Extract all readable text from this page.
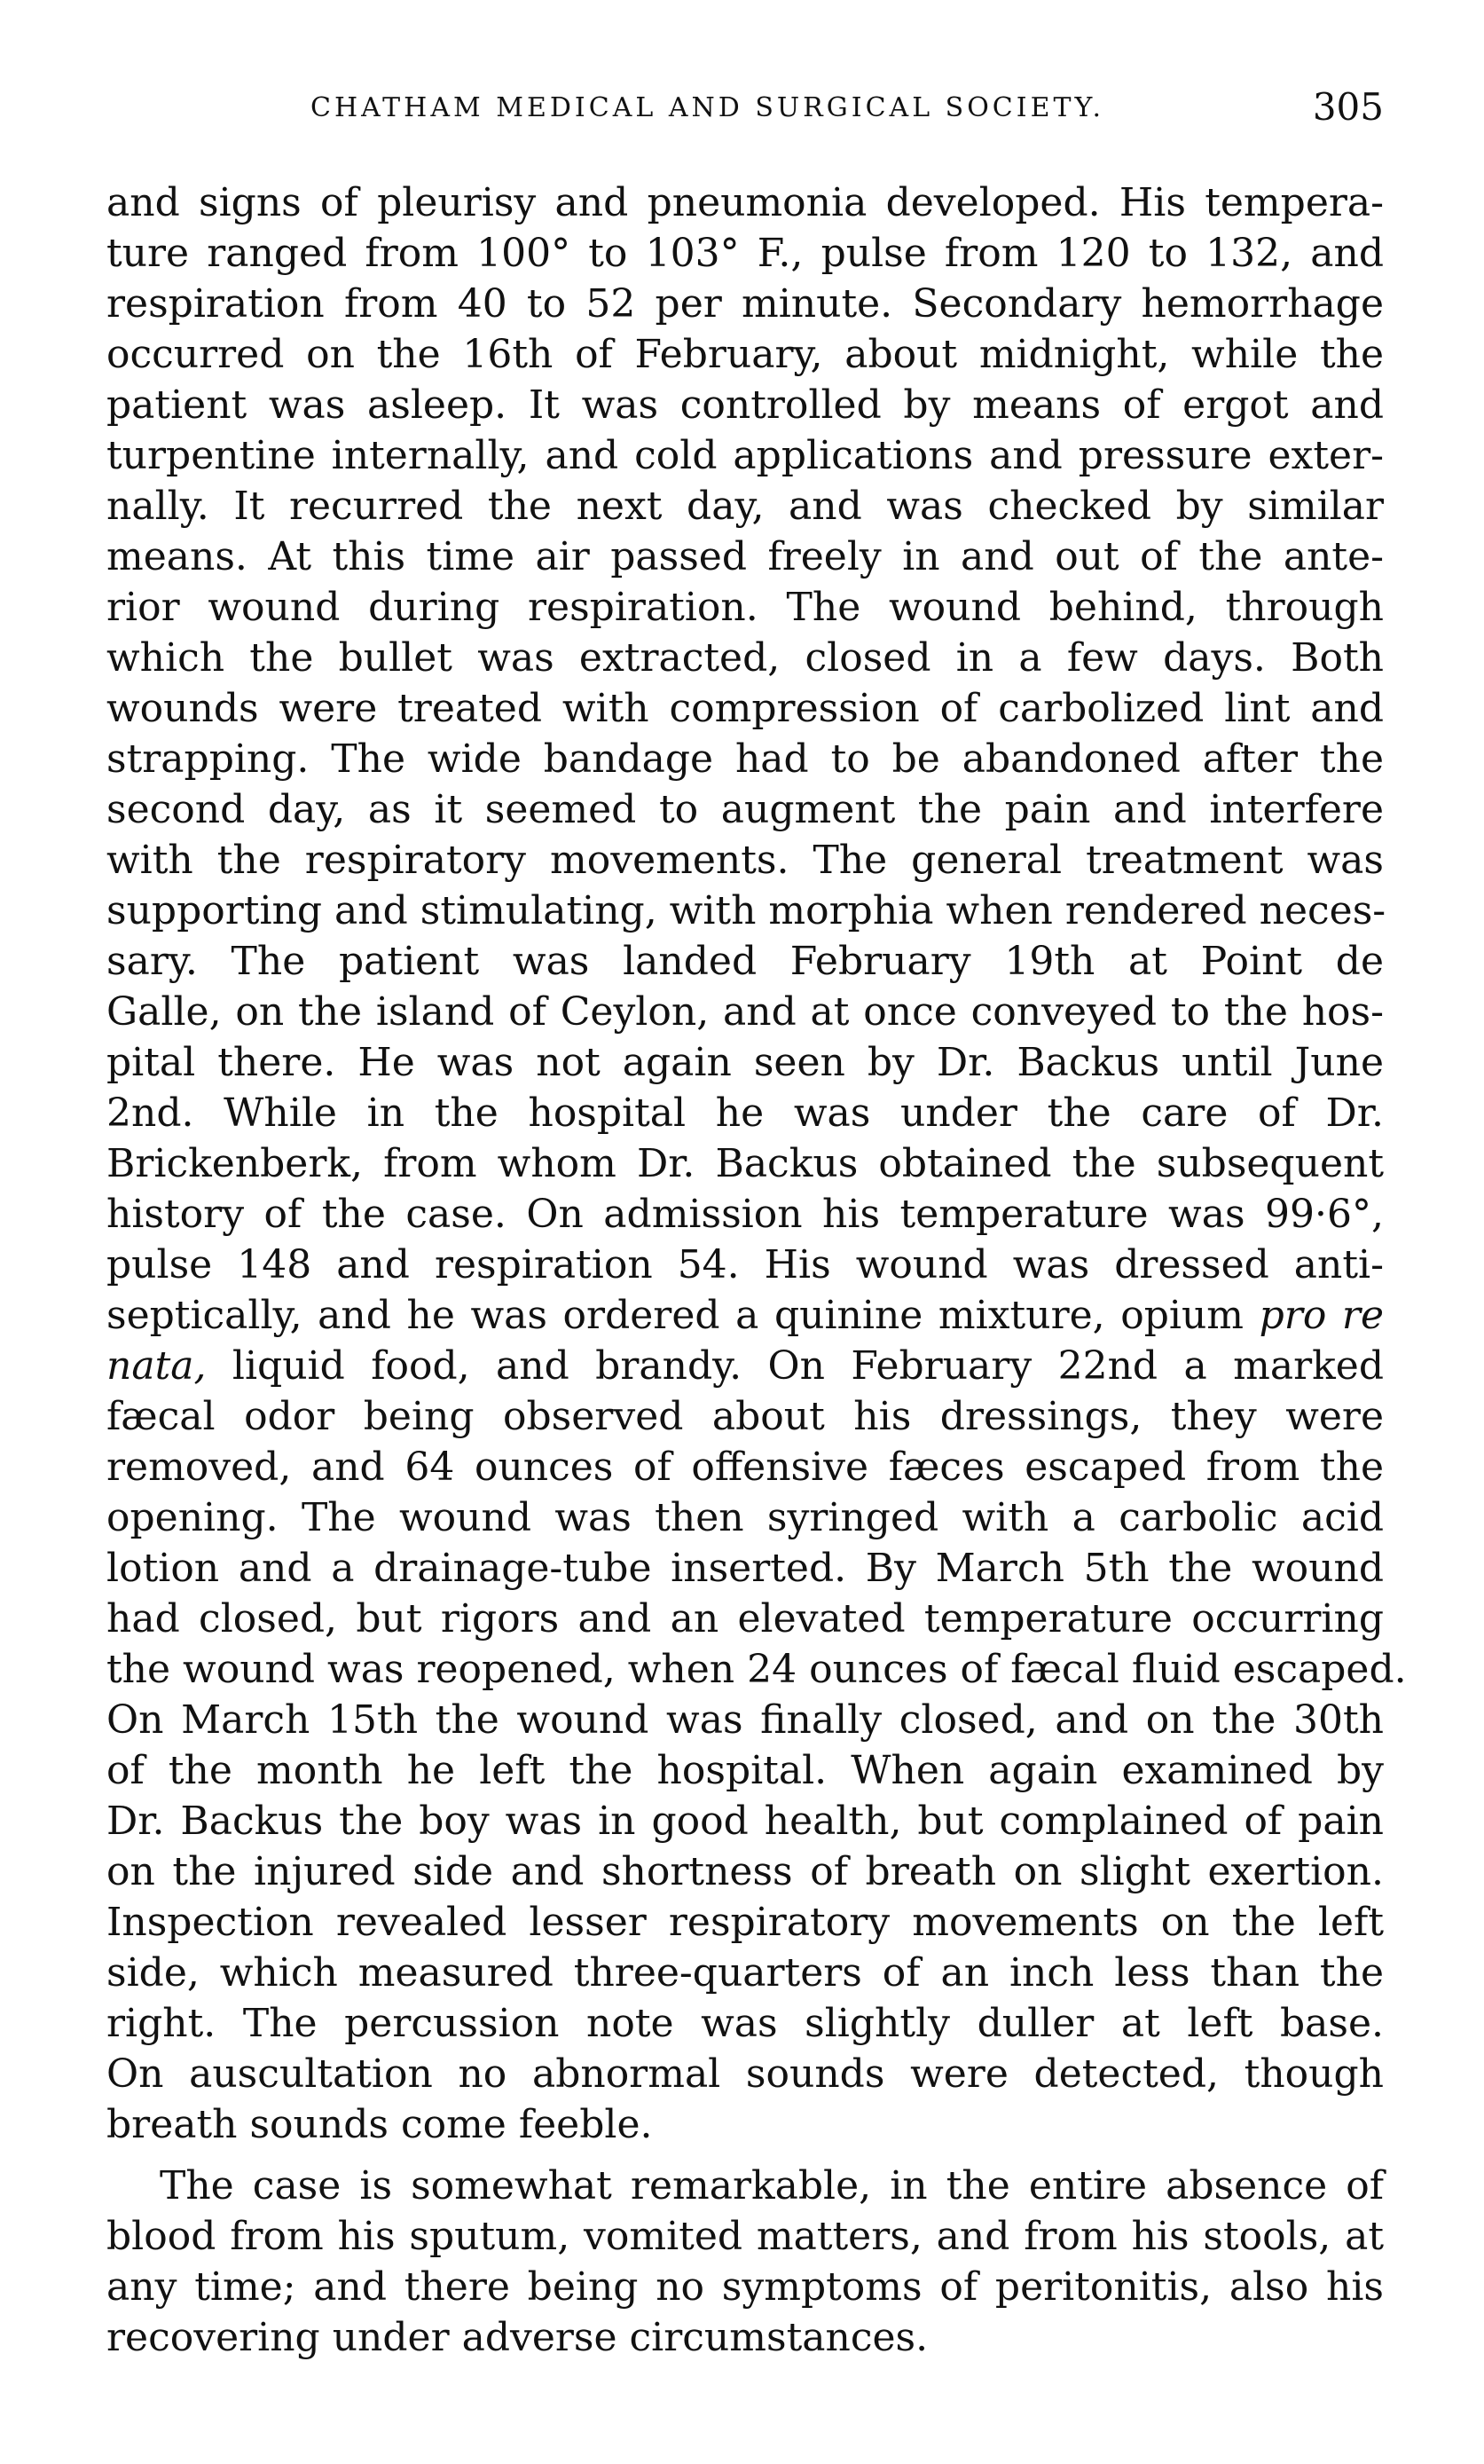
CHATHAM MEDICAL AND SURGICAL SOCIETY.	305
and signs of pleurisy and pneumonia developed. His tempera-
ture ranged from 100° to 103° F., pulse from 120 to 132, and
respiration from 40 to 52 per minute. Secondary hemorrhage
occurred on the 16th of February, about midnight, while the
patient was asleep. It was controlled by means of ergot and
turpentine internally, and cold applications and pressure exter-
nally. It recurred the next day, and was checked by similar
means. At this time air passed freely in and out of the ante-
rior wound during respiration. The wound behind, through
which the bullet was extracted, closed in a few days. Both
wounds were treated with compression of carbolized lint and
strapping. The wide bandage had to be abandoned after the
second day, as it seemed to augment the pain and interfere
with the respiratory movements. The general treatment was
supporting and stimulating, with morphia when rendered neces-
sary. The patient was landed February 19th at Point de
Galle, on the island of Ceylon, and at once conveyed to the hos-
pital there. He was not again seen by Dr. Backus until June
2nd. While in the hospital he was under the care of Dr.
Brickenberk, from whom Dr. Backus obtained the subsequent
history of the case. On admission his temperature was 99·6°,
pulse 148 and respiration 54. His wound was dressed anti-
septically, and he was ordered a quinine mixture, opium pro re
nata, liquid food, and brandy. On February 22nd a marked
fæcal odor being observed about his dressings, they were
removed, and 64 ounces of offensive fæces escaped from the
opening. The wound was then syringed with a carbolic acid
lotion and a drainage-tube inserted. By March 5th the wound
had closed, but rigors and an elevated temperature occurring
the wound was reopened, when 24 ounces of fæcal fluid escaped.
On March 15th the wound was finally closed, and on the 30th
of the month he left the hospital. When again examined by
Dr. Backus the boy was in good health, but complained of pain
on the injured side and shortness of breath on slight exertion.
Inspection revealed lesser respiratory movements on the left
side, which measured three-quarters of an inch less than the
right. The percussion note was slightly duller at left base.
On auscultation no abnormal sounds were detected, though
breath sounds come feeble.
The case is somewhat remarkable, in the entire absence of
blood from his sputum, vomited matters, and from his stools, at
any time; and there being no symptoms of peritonitis, also his
recovering under adverse circumstances.
